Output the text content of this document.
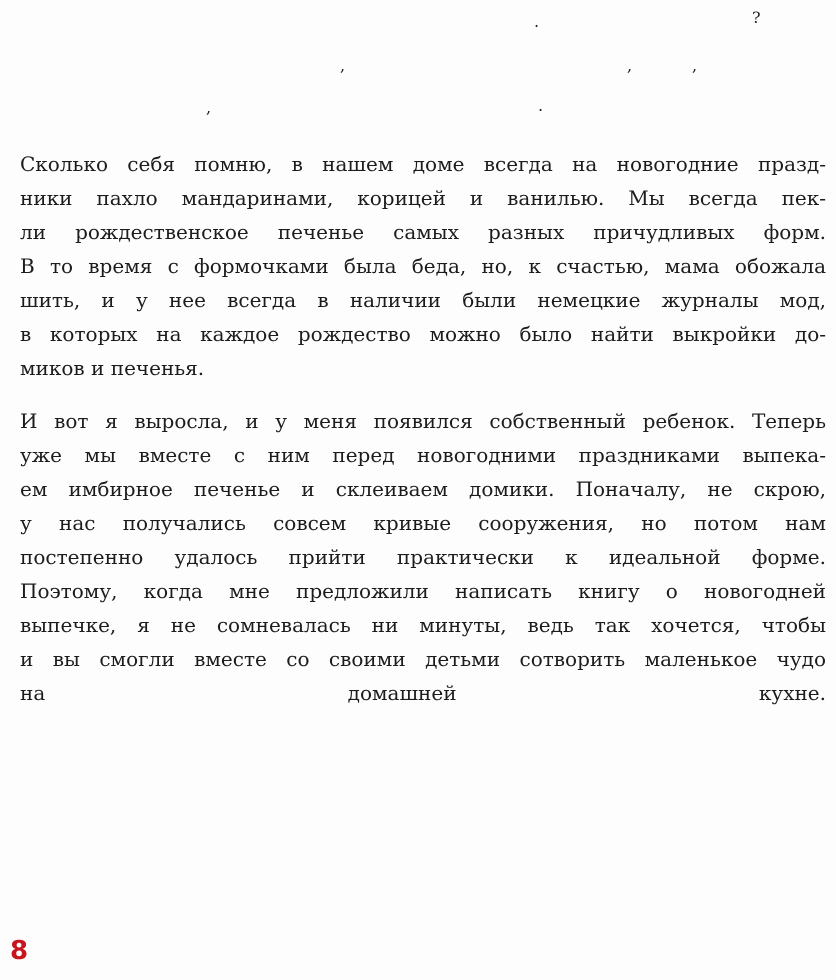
.	?
,	,	,
,	.
Сколько себя помню, в нашем доме всегда на новогодние празд-
ники пахло мандаринами, корицей и ванилью. Мы всегда пек-
ли рождественское печенье самых разных причудливых форм.
В то время с формочками была беда, но, к счастью, мама обожала
шить, и у нее всегда в наличии были немецкие журналы мод,
в которых на каждое рождество можно было найти выкройки до-
миков и печенья.
И вот я выросла, и у меня появился собственный ребенок. Теперь
уже мы вместе с ним перед новогодними праздниками выпека-
ем имбирное печенье и склеиваем домики. Поначалу, не скрою,
у нас получались совсем кривые сооружения, но потом нам
постепенно удалось прийти практически к идеальной форме.
Поэтому, когда мне предложили написать книгу о новогодней
выпечке, я не сомневалась ни минуты, ведь так хочется, чтобы
и вы смогли вместе со своими детьми сотворить маленькое чудо
на домашней кухне.
8
